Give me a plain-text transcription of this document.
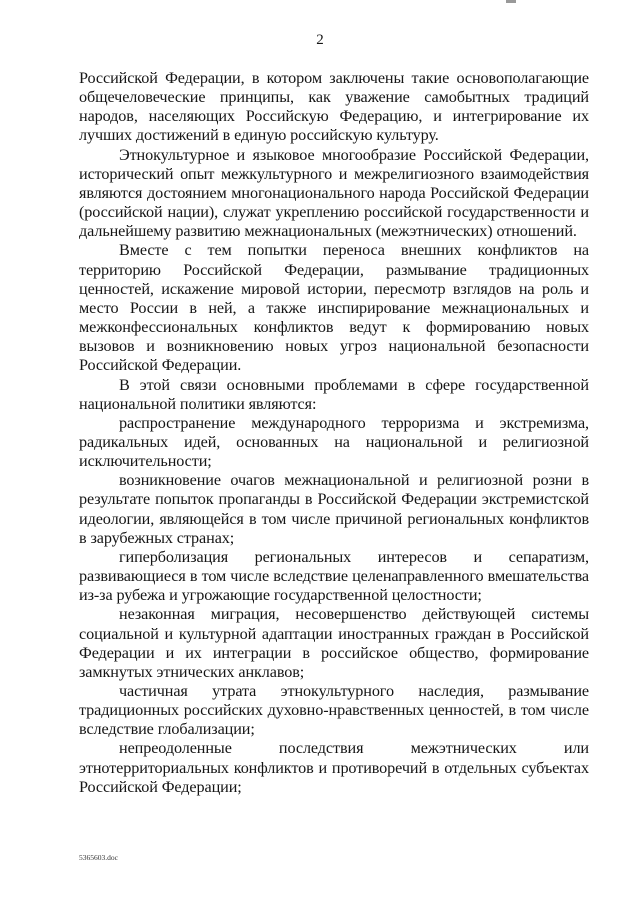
2

Российской Федерации, в котором заключены такие основополагающие общечеловеческие принципы, как уважение самобытных традиций народов, населяющих Российскую Федерацию, и интегрирование их лучших достижений в единую российскую культуру.

Этнокультурное и языковое многообразие Российской Федерации, исторический опыт межкультурного и межрелигиозного взаимодействия являются достоянием многонационального народа Российской Федерации (российской нации), служат укреплению российской государственности и дальнейшему развитию межнациональных (межэтнических) отношений.

Вместе с тем попытки переноса внешних конфликтов на территорию Российской Федерации, размывание традиционных ценностей, искажение мировой истории, пересмотр взглядов на роль и место России в ней, а также инспирирование межнациональных и межконфессиональных конфликтов ведут к формированию новых вызовов и возникновению новых угроз национальной безопасности Российской Федерации.

В этой связи основными проблемами в сфере государственной национальной политики являются:

распространение международного терроризма и экстремизма, радикальных идей, основанных на национальной и религиозной исключительности;

возникновение очагов межнациональной и религиозной розни в результате попыток пропаганды в Российской Федерации экстремистской идеологии, являющейся в том числе причиной региональных конфликтов в зарубежных странах;

гиперболизация региональных интересов и сепаратизм, развивающиеся в том числе вследствие целенаправленного вмешательства из-за рубежа и угрожающие государственной целостности;

незаконная миграция, несовершенство действующей системы социальной и культурной адаптации иностранных граждан в Российской Федерации и их интеграции в российское общество, формирование замкнутых этнических анклавов;

частичная утрата этнокультурного наследия, размывание традиционных российских духовно-нравственных ценностей, в том числе вследствие глобализации;

непреодоленные последствия межэтнических или этнотерриториальных конфликтов и противоречий в отдельных субъектах Российской Федерации;

5365603.doc
